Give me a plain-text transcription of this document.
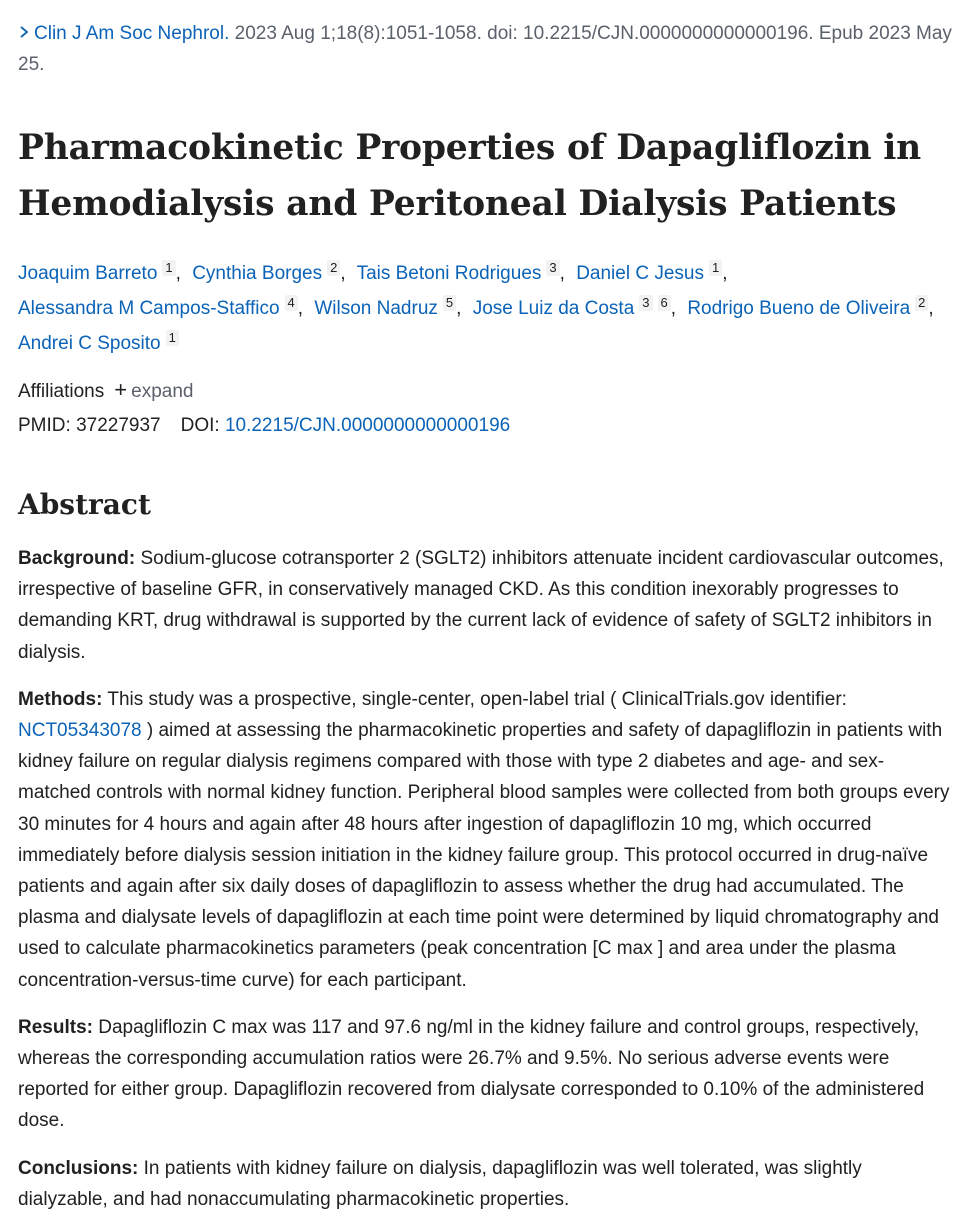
Clin J Am Soc Nephrol. 2023 Aug 1;18(8):1051-1058. doi: 10.2215/CJN.0000000000000196. Epub 2023 May 25.
Pharmacokinetic Properties of Dapagliflozin in Hemodialysis and Peritoneal Dialysis Patients
Joaquim Barreto 1 , Cynthia Borges 2 , Tais Betoni Rodrigues 3 , Daniel C Jesus 1 , Alessandra M Campos-Staffico 4 , Wilson Nadruz 5 , Jose Luiz da Costa 3 6 , Rodrigo Bueno de Oliveira 2 , Andrei C Sposito 1
Affiliations + expand
PMID: 37227937 DOI: 10.2215/CJN.0000000000000196
Abstract

Background: Sodium-glucose cotransporter 2 (SGLT2) inhibitors attenuate incident cardiovascular outcomes, irrespective of baseline GFR, in conservatively managed CKD. As this condition inexorably progresses to demanding KRT, drug withdrawal is supported by the current lack of evidence of safety of SGLT2 inhibitors in dialysis.

Methods: This study was a prospective, single-center, open-label trial ( ClinicalTrials.gov identifier: NCT05343078 ) aimed at assessing the pharmacokinetic properties and safety of dapagliflozin in patients with kidney failure on regular dialysis regimens compared with those with type 2 diabetes and age- and sex-matched controls with normal kidney function. Peripheral blood samples were collected from both groups every 30 minutes for 4 hours and again after 48 hours after ingestion of dapagliflozin 10 mg, which occurred immediately before dialysis session initiation in the kidney failure group. This protocol occurred in drug-naïve patients and again after six daily doses of dapagliflozin to assess whether the drug had accumulated. The plasma and dialysate levels of dapagliflozin at each time point were determined by liquid chromatography and used to calculate pharmacokinetics parameters (peak concentration [C max ] and area under the plasma concentration-versus-time curve) for each participant.

Results: Dapagliflozin C max was 117 and 97.6 ng/ml in the kidney failure and control groups, respectively, whereas the corresponding accumulation ratios were 26.7% and 9.5%. No serious adverse events were reported for either group. Dapagliflozin recovered from dialysate corresponded to 0.10% of the administered dose.

Conclusions: In patients with kidney failure on dialysis, dapagliflozin was well tolerated, was slightly dialyzable, and had nonaccumulating pharmacokinetic properties.
